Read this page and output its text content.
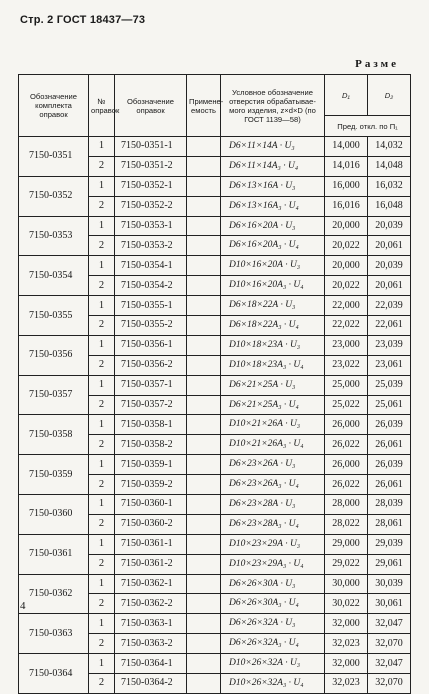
Стр. 2 ГОСТ 18437—73
Разме
Обозначение комплекта оправок	№ оправок	Обозначение оправок	Примене-емость	Условное обозначение отверстия обрабатывае-мого изделия, z×d×D (по ГОСТ 1139—58)	D₁	D₂
					Пред. откл. по П₁	
7150-0351	1	7150-0351-1		D6×11×14A · U₃	14,000	14,032
	2	7150-0351-2		D6×11×14A₃ · U₄	14,016	14,048
7150-0352	1	7150-0352-1		D6×13×16A · U₃	16,000	16,032
	2	7150-0352-2		D6×13×16A₃ · U₄	16,016	16,048
7150-0353	1	7150-0353-1		D6×16×20A · U₃	20,000	20,039
	2	7150-0353-2		D6×16×20A₃ · U₄	20,022	20,061
7150-0354	1	7150-0354-1		D10×16×20A · U₃	20,000	20,039
	2	7150-0354-2		D10×16×20A₃ · U₄	20,022	20,061
7150-0355	1	7150-0355-1		D6×18×22A · U₃	22,000	22,039
	2	7150-0355-2		D6×18×22A₃ · U₄	22,022	22,061
7150-0356	1	7150-0356-1		D10×18×23A · U₃	23,000	23,039
	2	7150-0356-2		D10×18×23A₃ · U₄	23,022	23,061
7150-0357	1	7150-0357-1		D6×21×25A · U₃	25,000	25,039
	2	7150-0357-2		D6×21×25A₃ · U₄	25,022	25,061
7150-0358	1	7150-0358-1		D10×21×26A · U₃	26,000	26,039
	2	7150-0358-2		D10×21×26A₃ · U₄	26,022	26,061
7150-0359	1	7150-0359-1		D6×23×26A · U₃	26,000	26,039
	2	7150-0359-2		D6×23×26A₃ · U₄	26,022	26,061
7150-0360	1	7150-0360-1		D6×23×28A · U₃	28,000	28,039
	2	7150-0360-2		D6×23×28A₃ · U₄	28,022	28,061
7150-0361	1	7150-0361-1		D10×23×29A · U₃	29,000	29,039
	2	7150-0361-2		D10×23×29A₃ · U₄	29,022	29,061
7150-0362	1	7150-0362-1		D6×26×30A · U₃	30,000	30,039
	2	7150-0362-2		D6×26×30A₃ · U₄	30,022	30,061
7150-0363	1	7150-0363-1		D6×26×32A · U₃	32,000	32,047
	2	7150-0363-2		D6×26×32A₃ · U₄	32,023	32,070
7150-0364	1	7150-0364-1		D10×26×32A · U₃	32,000	32,047
	2	7150-0364-2		D10×26×32A₃ · U₄	32,023	32,070
4
